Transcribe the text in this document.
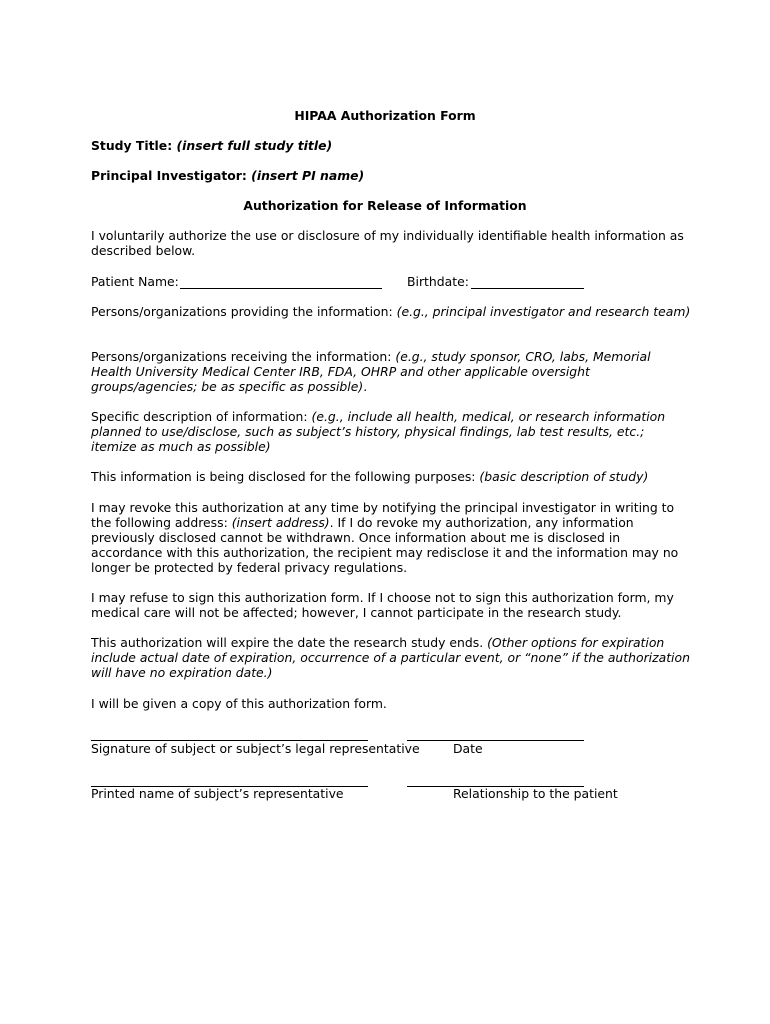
HIPAA Authorization Form

Study Title: (insert full study title)

Principal Investigator: (insert PI name)

Authorization for Release of Information

I voluntarily authorize the use or disclosure of my individually identifiable health information as described below.

Patient Name:	Birthdate:

Persons/organizations providing the information: (e.g., principal investigator and research team)

Persons/organizations receiving the information: (e.g., study sponsor, CRO, labs, Memorial Health University Medical Center IRB, FDA, OHRP and other applicable oversight groups/agencies; be as specific as possible).

Specific description of information: (e.g., include all health, medical, or research information planned to use/disclose, such as subject’s history, physical findings, lab test results, etc.; itemize as much as possible)

This information is being disclosed for the following purposes: (basic description of study)

I may revoke this authorization at any time by notifying the principal investigator in writing to the following address: (insert address). If I do revoke my authorization, any information previously disclosed cannot be withdrawn. Once information about me is disclosed in accordance with this authorization, the recipient may redisclose it and the information may no longer be protected by federal privacy regulations.

I may refuse to sign this authorization form. If I choose not to sign this authorization form, my medical care will not be affected; however, I cannot participate in the research study.

This authorization will expire the date the research study ends. (Other options for expiration include actual date of expiration, occurrence of a particular event, or “none” if the authorization will have no expiration date.)

I will be given a copy of this authorization form.

Signature of subject or subject’s legal representative	Date
Printed name of subject’s representative	Relationship to the patient
